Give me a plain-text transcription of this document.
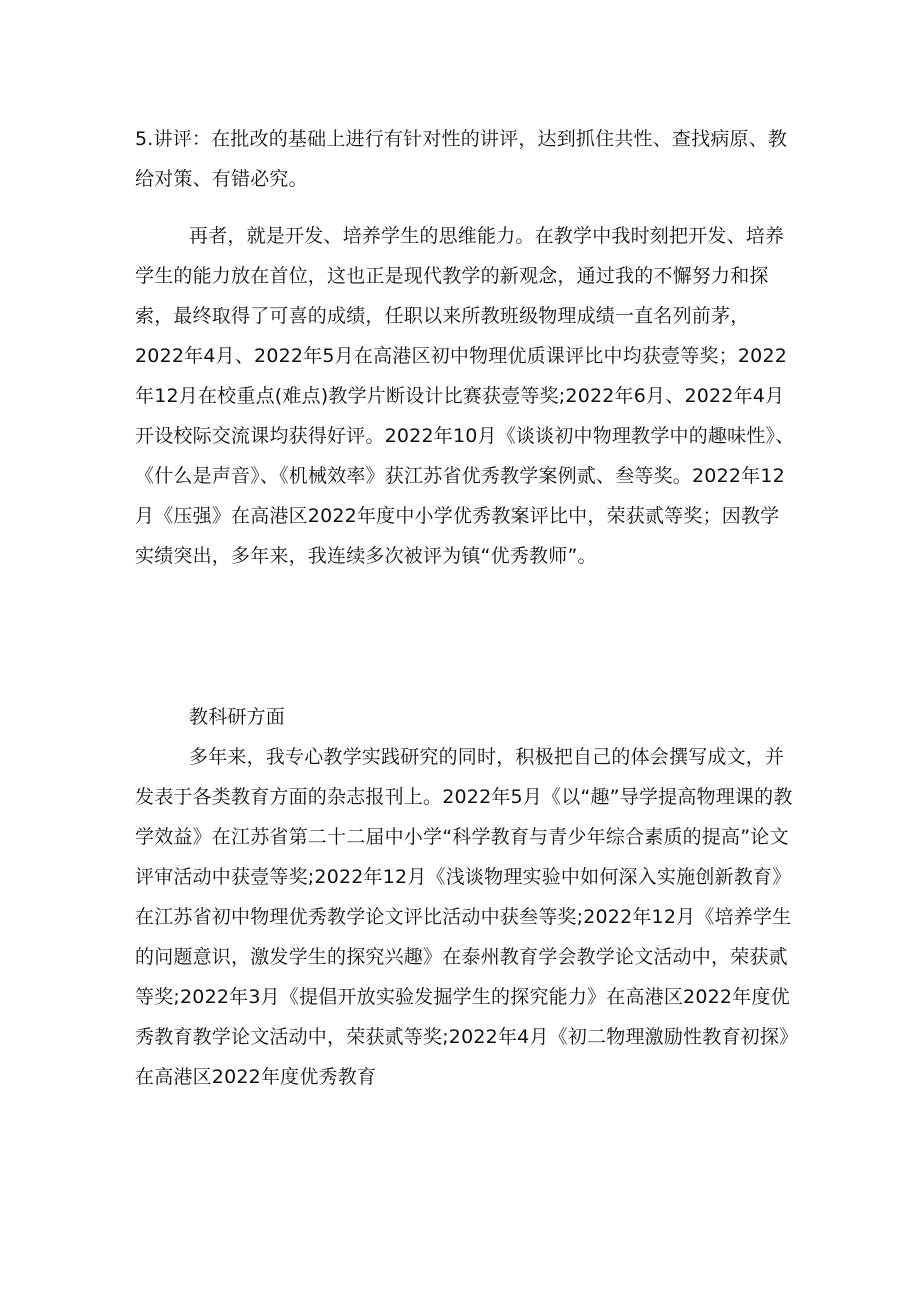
5.讲评：在批改的基础上进行有针对性的讲评，达到抓住共性、查找病原、教给对策、有错必究。

再者，就是开发、培养学生的思维能力。在教学中我时刻把开发、培养学生的能力放在首位，这也正是现代教学的新观念，通过我的不懈努力和探索，最终取得了可喜的成绩，任职以来所教班级物理成绩一直名列前茅，2022年4月、2022年5月在高港区初中物理优质课评比中均获壹等奖；2022年12月在校重点(难点)教学片断设计比赛获壹等奖;2022年6月、2022年4月开设校际交流课均获得好评。2022年10月《谈谈初中物理教学中的趣味性》、《什么是声音》、《机械效率》获江苏省优秀教学案例贰、叁等奖。2022年12月《压强》在高港区2022年度中小学优秀教案评比中，荣获贰等奖；因教学实绩突出，多年来，我连续多次被评为镇“优秀教师”。

教科研方面

多年来，我专心教学实践研究的同时，积极把自己的体会撰写成文，并发表于各类教育方面的杂志报刊上。2022年5月《以“趣”导学提高物理课的教学效益》在江苏省第二十二届中小学“科学教育与青少年综合素质的提高”论文评审活动中获壹等奖;2022年12月《浅谈物理实验中如何深入实施创新教育》在江苏省初中物理优秀教学论文评比活动中获叁等奖;2022年12月《培养学生的问题意识，激发学生的探究兴趣》在泰州教育学会教学论文活动中，荣获贰等奖;2022年3月《提倡开放实验发掘学生的探究能力》在高港区2022年度优秀教育教学论文活动中，荣获贰等奖;2022年4月《初二物理激励性教育初探》在高港区2022年度优秀教育
